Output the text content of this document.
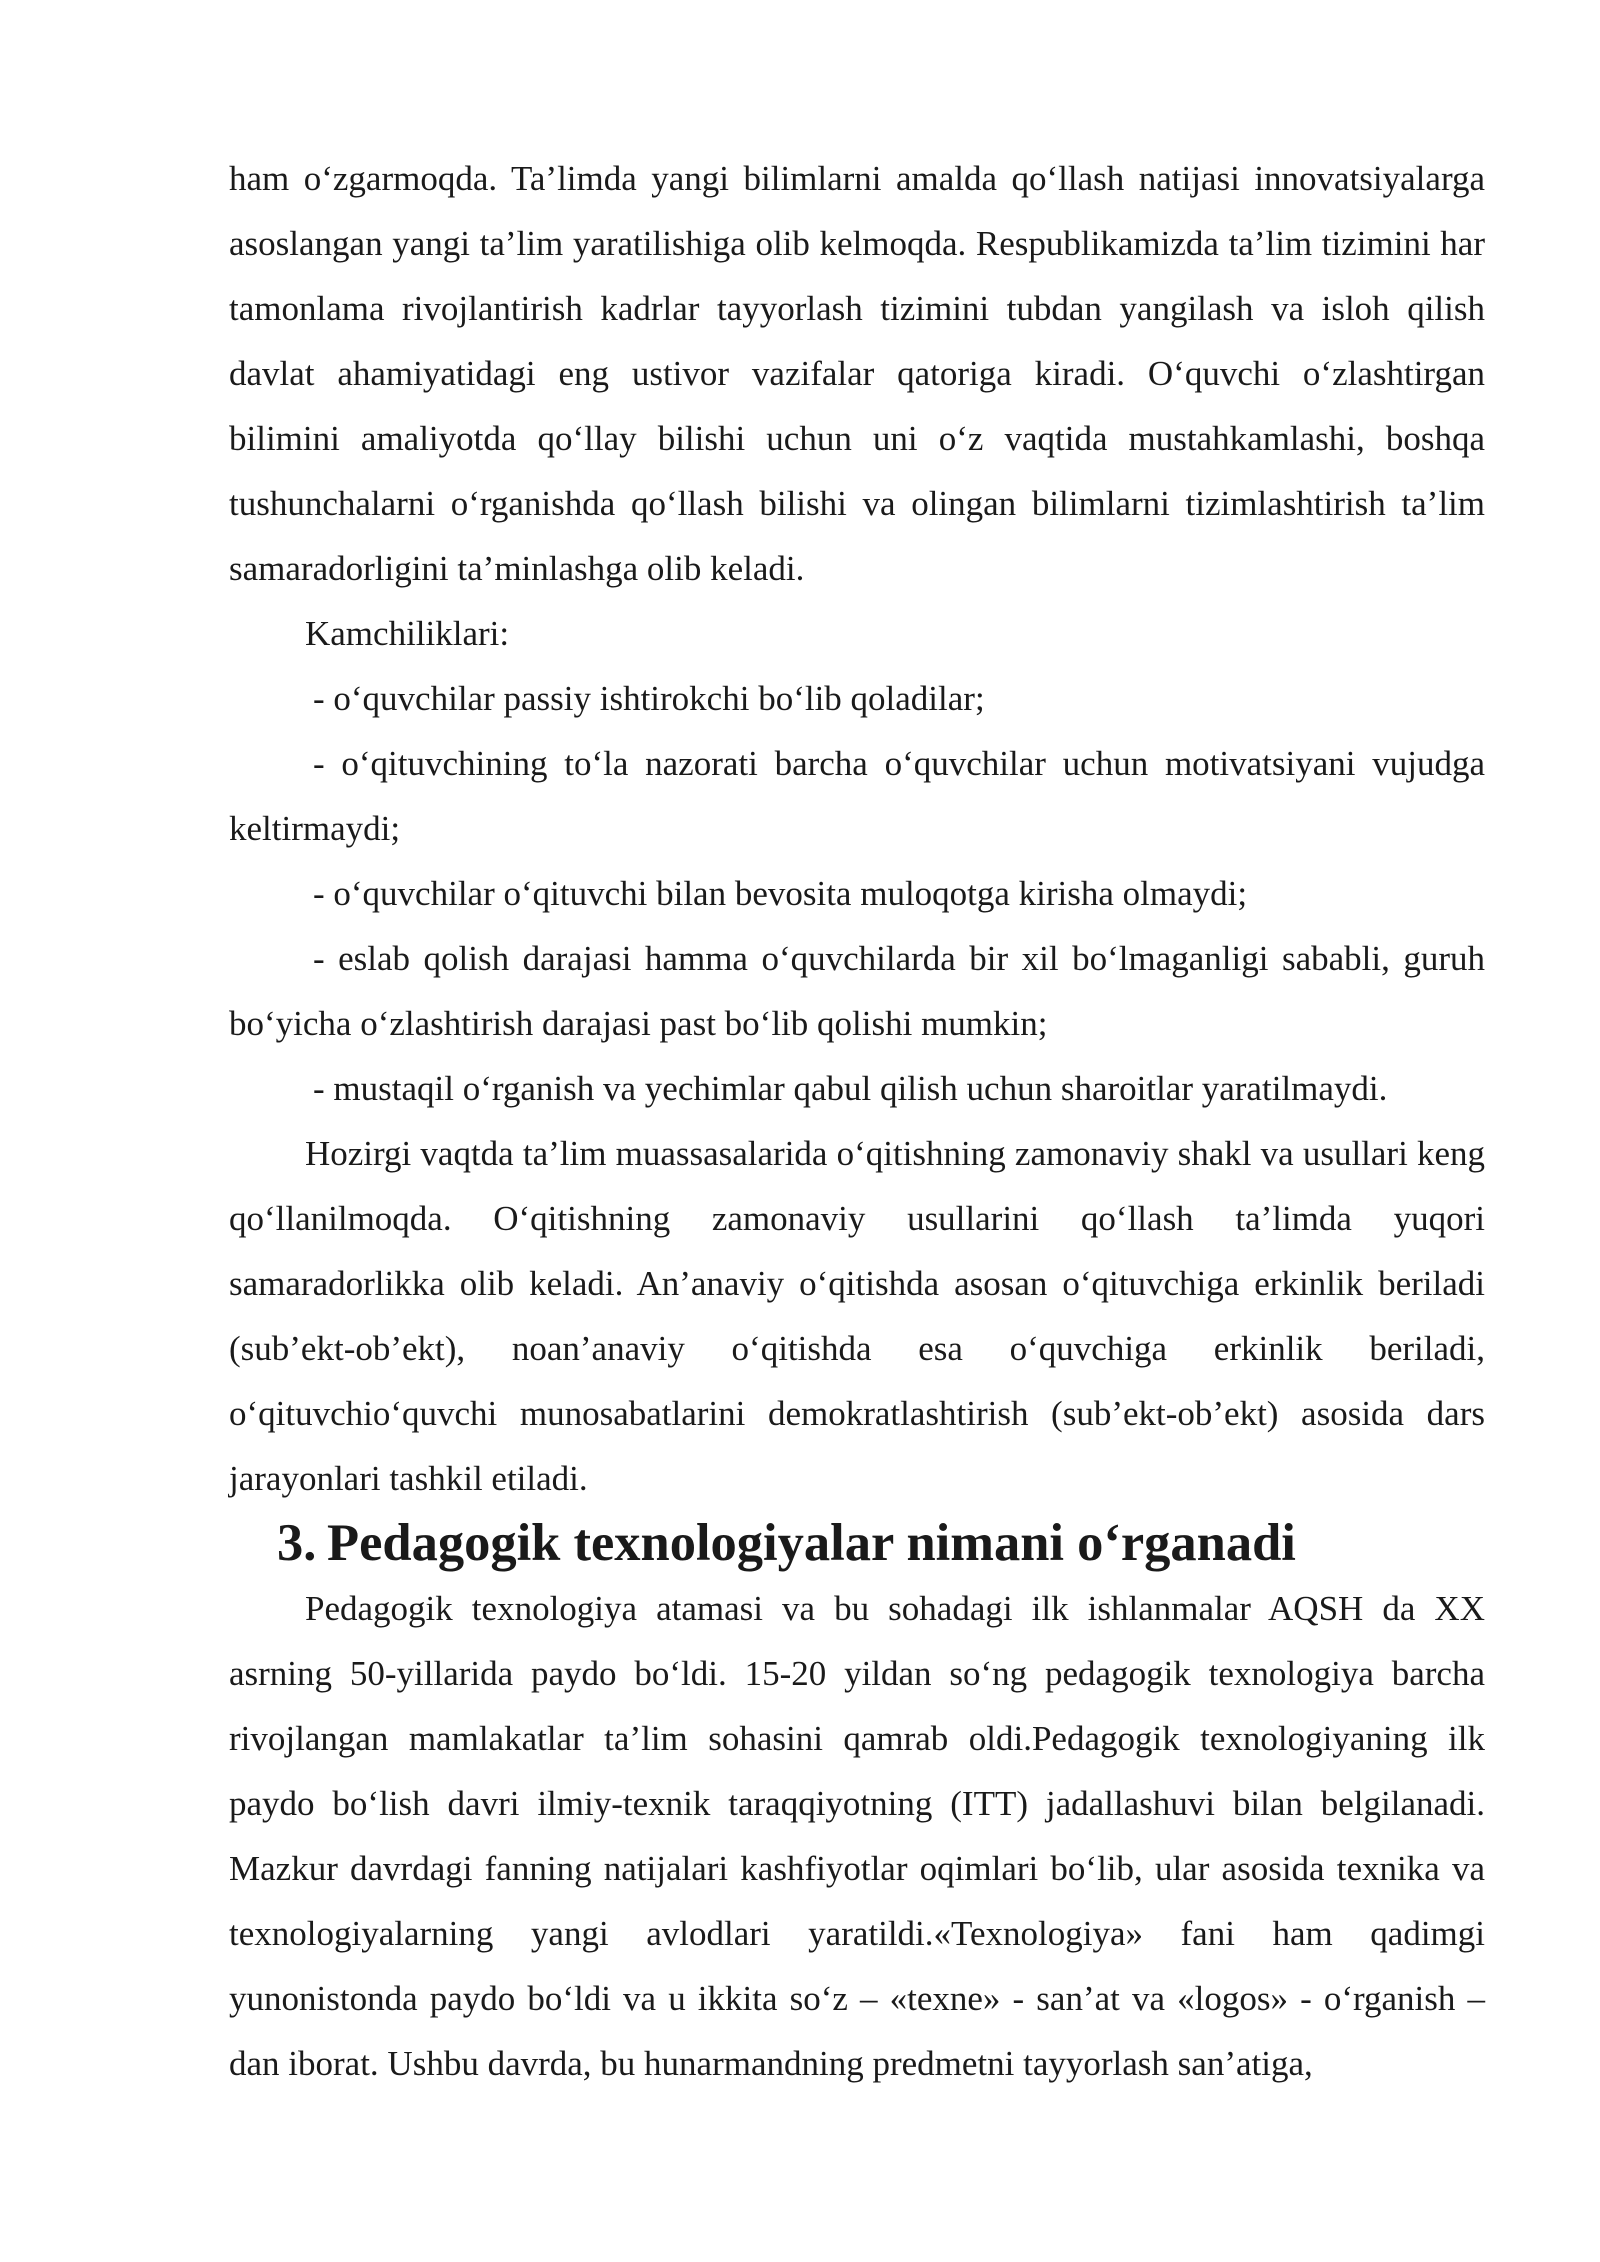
ham o‘zgarmoqda. Ta’limda yangi bilimlarni amalda qo‘llash natijasi innovatsiyalarga asoslangan yangi ta’lim yaratilishiga olib kelmoqda. Respublikamizda ta’lim tizimini har tamonlama rivojlantirish kadrlar tayyorlash tizimini tubdan yangilash va isloh qilish davlat ahamiyatidagi eng ustivor vazifalar qatoriga kiradi. O‘quvchi o‘zlashtirgan bilimini amaliyotda qo‘llay bilishi uchun uni o‘z vaqtida mustahkamlashi, boshqa tushunchalarni o‘rganishda qo‘llash bilishi va olingan bilimlarni tizimlashtirish ta’lim samaradorligini ta’minlashga olib keladi.

Kamchiliklari:

- o‘quvchilar passiy ishtirokchi bo‘lib qoladilar;

- o‘qituvchining to‘la nazorati barcha o‘quvchilar uchun motivatsiyani vujudga keltirmaydi;

- o‘quvchilar o‘qituvchi bilan bevosita muloqotga kirisha olmaydi;

- eslab qolish darajasi hamma o‘quvchilarda bir xil bo‘lmaganligi sababli, guruh bo‘yicha o‘zlashtirish darajasi past bo‘lib qolishi mumkin;

- mustaqil o‘rganish va yechimlar qabul qilish uchun sharoitlar yaratilmaydi.

Hozirgi vaqtda ta’lim muassasalarida o‘qitishning zamonaviy shakl va usullari keng qo‘llanilmoqda. O‘qitishning zamonaviy usullarini qo‘llash ta’limda yuqori samaradorlikka olib keladi. An’anaviy o‘qitishda asosan o‘qituvchiga erkinlik beriladi (sub’ekt-ob’ekt), noan’anaviy o‘qitishda esa o‘quvchiga erkinlik beriladi, o‘qituvchio‘quvchi munosabatlarini demokratlashtirish (sub’ekt-ob’ekt) asosida dars jarayonlari tashkil etiladi.

3. Pedagogik texnologiyalar nimani o‘rganadi

Pedagogik texnologiya atamasi va bu sohadagi ilk ishlanmalar AQSH da XX asrning 50-yillarida paydo bo‘ldi. 15-20 yildan so‘ng pedagogik texnologiya barcha rivojlangan mamlakatlar ta’lim sohasini qamrab oldi.Pedagogik texnologiyaning ilk paydo bo‘lish davri ilmiy-texnik taraqqiyotning (ITT) jadallashuvi bilan belgilanadi. Mazkur davrdagi fanning natijalari kashfiyotlar oqimlari bo‘lib, ular asosida texnika va texnologiyalarning yangi avlodlari yaratildi.«Texnologiya» fani ham qadimgi yunonistonda paydo bo‘ldi va u ikkita so‘z – «texne» - san’at va «logos» - o‘rganish – dan iborat. Ushbu davrda, bu hunarmandning predmetni tayyorlash san’atiga,
